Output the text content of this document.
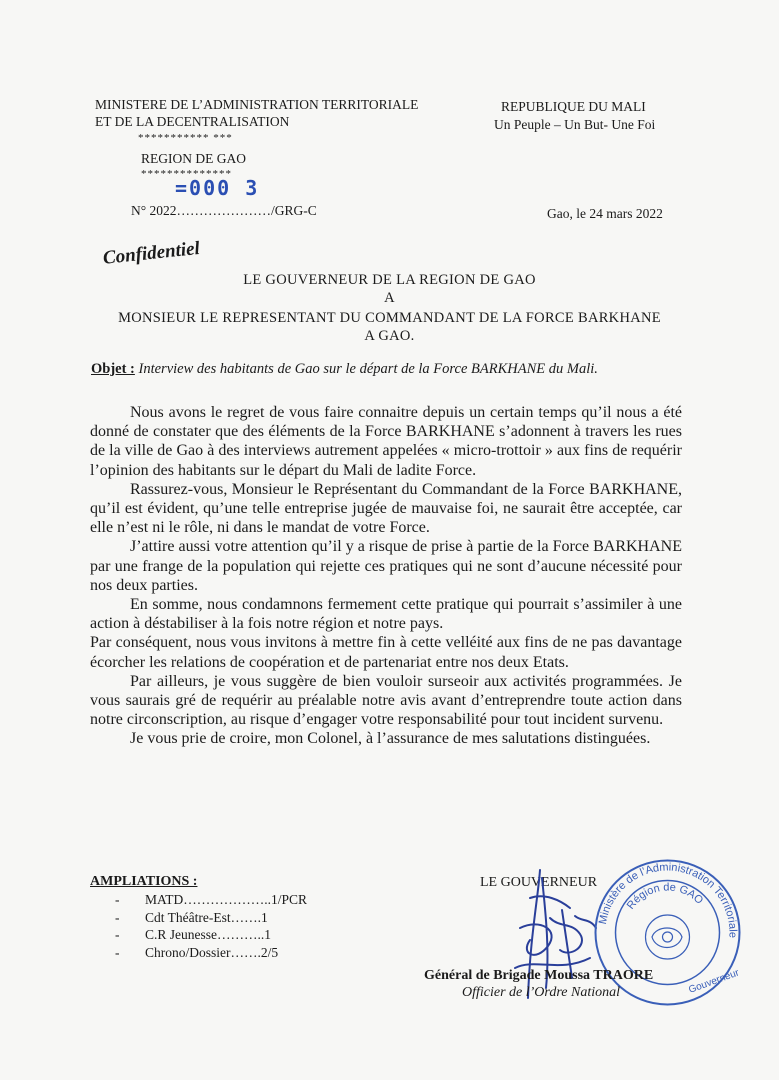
MINISTERE DE L’ADMINISTRATION TERRITORIALE
ET DE LA DECENTRALISATION
*********** ***
REGION DE GAO
**************
REPUBLIQUE DU MALI
Un Peuple – Un But- Une Foi
N° 2022…………………/GRG-C
=000 3
Gao, le 24 mars 2022
Confidentiel
LE GOUVERNEUR DE LA REGION DE GAO
A
MONSIEUR LE REPRESENTANT DU COMMANDANT DE LA FORCE BARKHANE
A GAO.
Objet : Interview des habitants de Gao sur le départ de la Force BARKHANE du Mali.

Nous avons le regret de vous faire connaitre depuis un certain temps qu’il nous a été donné de constater que des éléments de la Force BARKHANE s’adonnent à travers les rues de la ville de Gao à des interviews autrement appelées « micro-trottoir » aux fins de requérir l’opinion des habitants sur le départ du Mali de ladite Force.

Rassurez-vous, Monsieur le Représentant du Commandant de la Force BARKHANE, qu’il est évident, qu’une telle entreprise jugée de mauvaise foi, ne saurait être acceptée, car elle n’est ni le rôle, ni dans le mandat de votre Force.

J’attire aussi votre attention qu’il y a risque de prise à partie de la Force BARKHANE par une frange de la population qui rejette ces pratiques qui ne sont d’aucune nécessité pour nos deux parties.

En somme, nous condamnons fermement cette pratique qui pourrait s’assimiler à une action à déstabiliser à la fois notre région et notre pays.

Par conséquent, nous vous invitons à mettre fin à cette velléité aux fins de ne pas davantage écorcher les relations de coopération et de partenariat entre nos deux Etats.

Par ailleurs, je vous suggère de bien vouloir surseoir aux activités programmées. Je vous saurais gré de requérir au préalable notre avis avant d’entreprendre toute action dans notre circonscription, au risque d’engager votre responsabilité pour tout incident survenu.

Je vous prie de croire, mon Colonel, à l’assurance de mes salutations distinguées.

AMPLIATIONS :
- MATD………………..1/PCR
- Cdt Théâtre-Est…….1
- C.R Jeunesse………..1
- Chrono/Dossier…….2/5
LE GOUVERNEUR
Ministère de l’Administration Territoriale
Région de GAO
Gouverneur
Général de Brigade Moussa TRAORE
Officier de l’Ordre National
